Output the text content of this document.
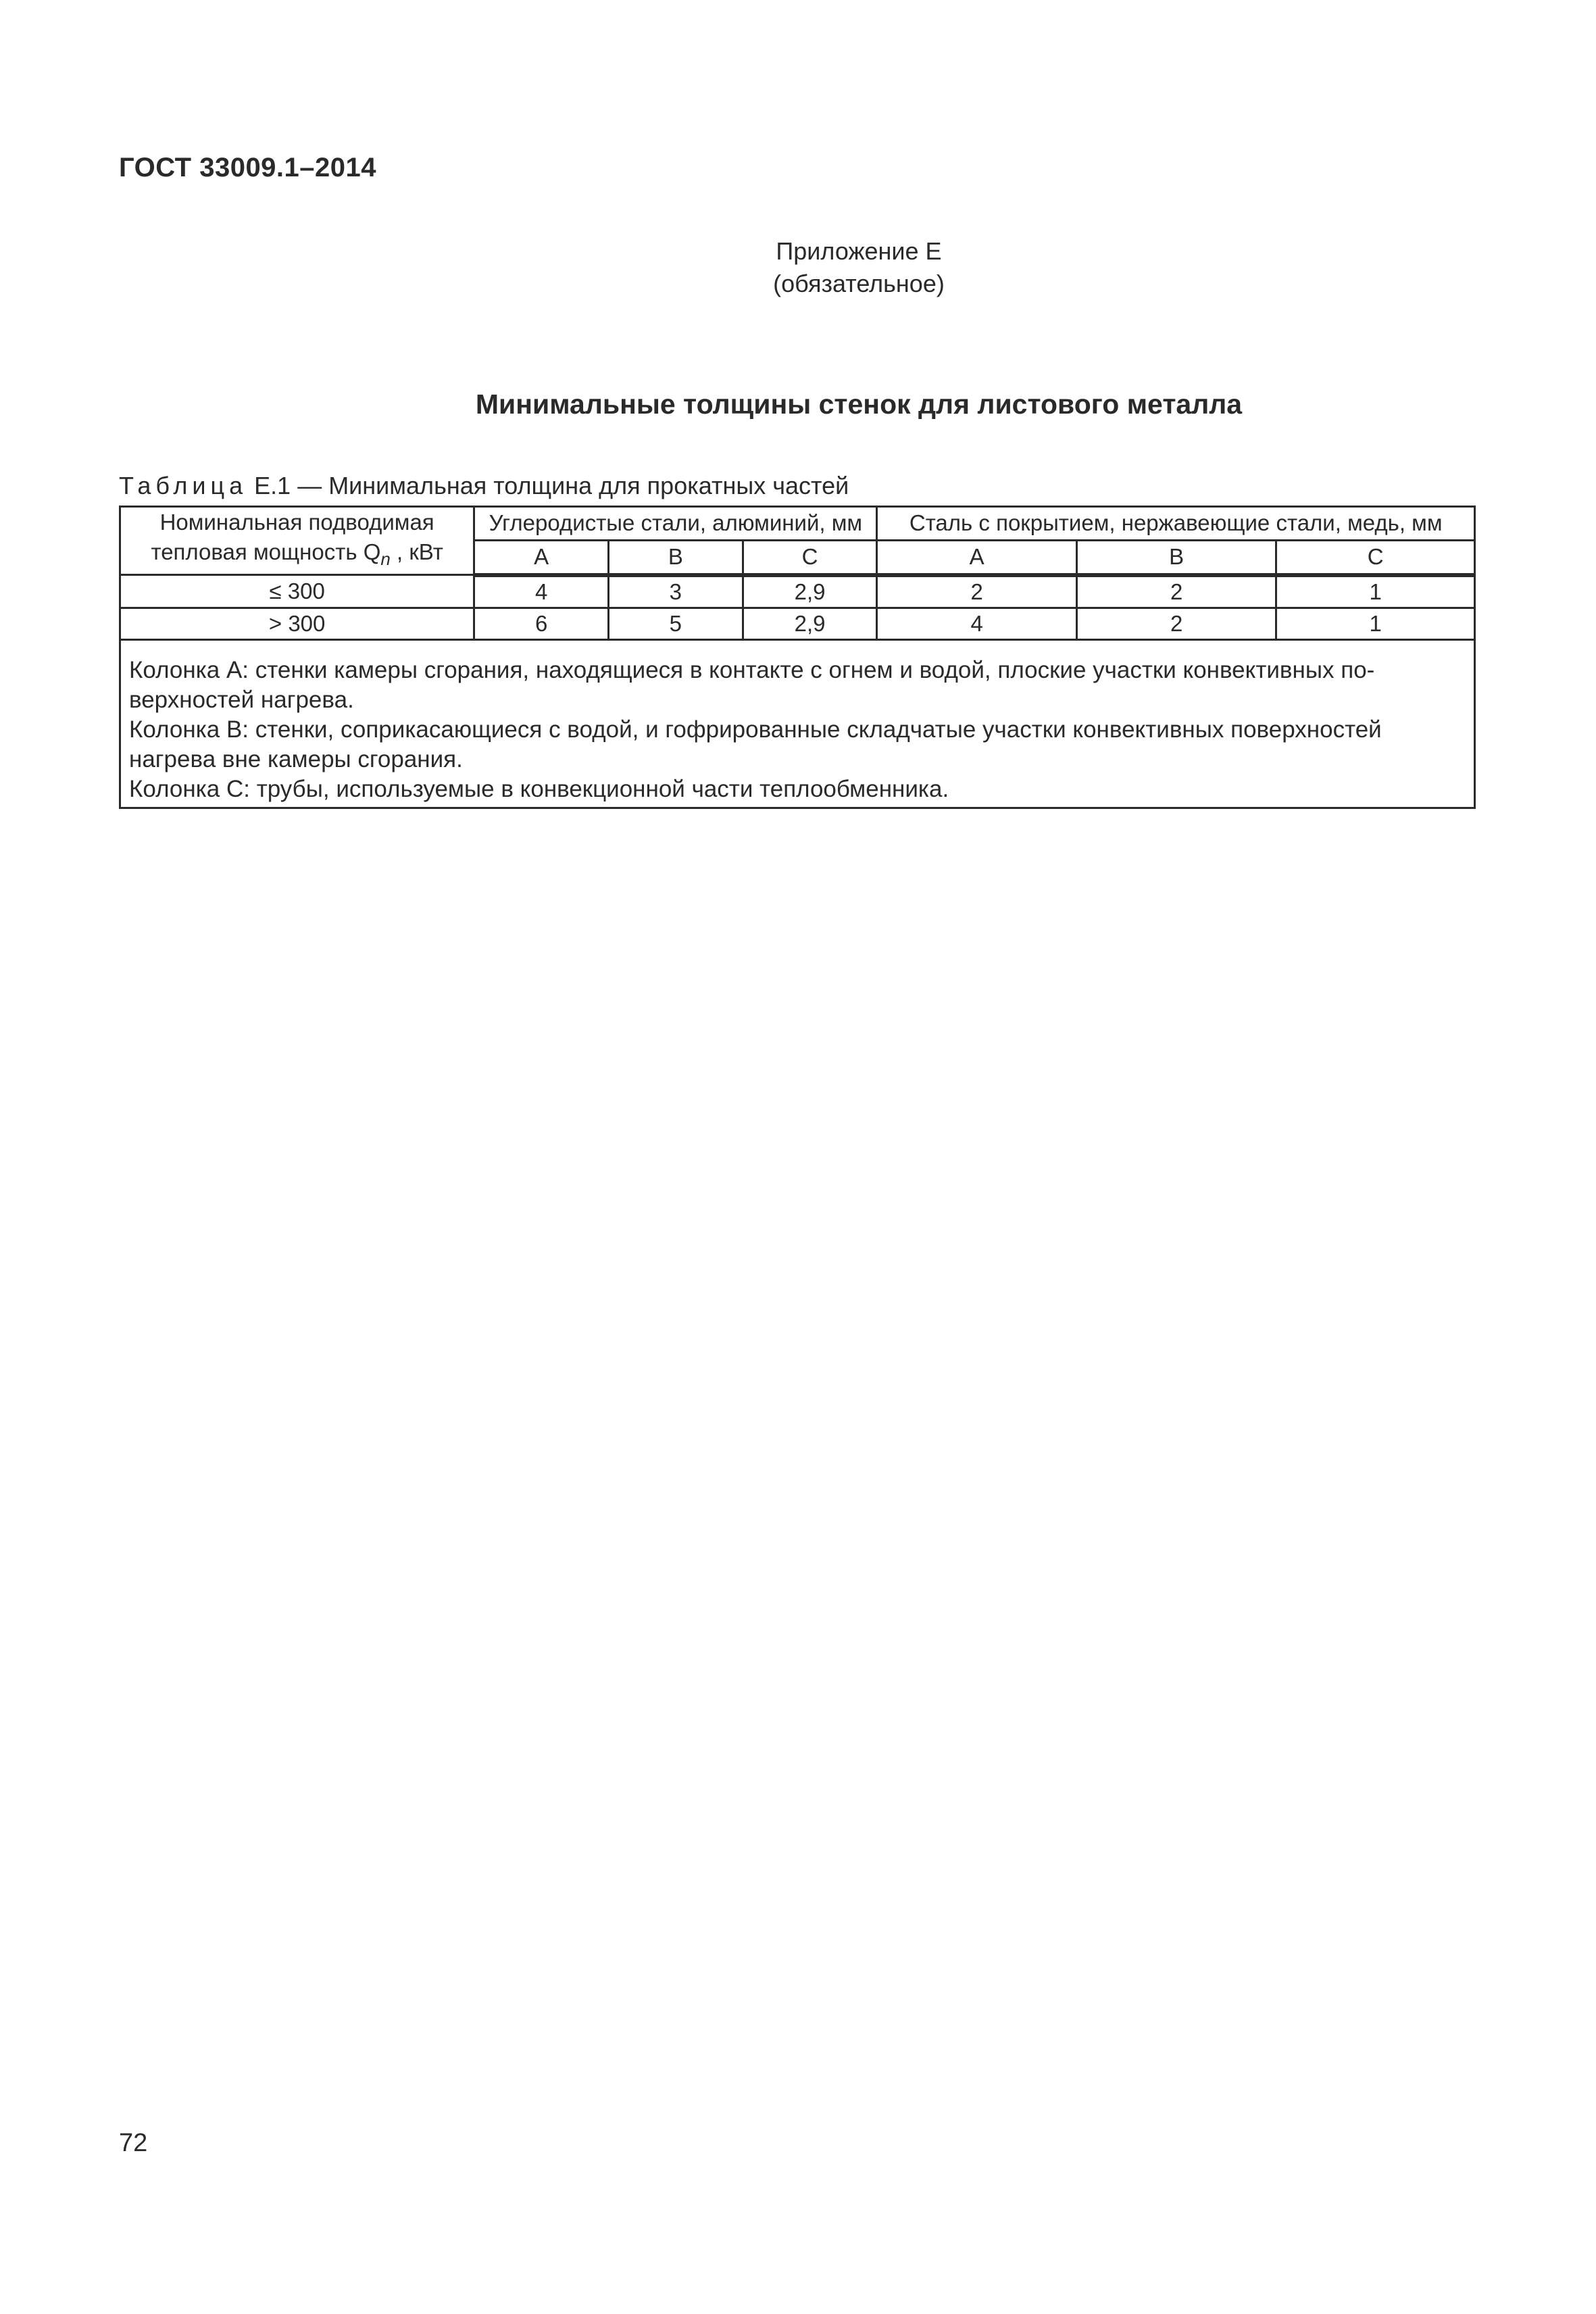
ГОСТ 33009.1–2014
Приложение Е
(обязательное)
Минимальные толщины стенок для листового металла
Таблица Е.1 — Минимальная толщина для прокатных частей
Номинальная подводимая
тепловая мощность $Q_n$ , кВт	Углеродистые стали, алюминий, мм			Сталь с покрытием, нержавеющие стали, медь, мм		
	A	B	C	A	B	C
≤ 300	4	3	2,9	2	2	1
> 300	6	5	2,9	4	2	1

Колонка А: стенки камеры сгорания, находящиеся в контакте с огнем и водой, плоские участки конвективных по-верхностей нагрева.
Колонка В: стенки, соприкасающиеся с водой, и гофрированные складчатые участки конвективных поверхностей нагрева вне камеры сгорания.
Колонка С: трубы, используемые в конвекционной части теплообменника.						
72
